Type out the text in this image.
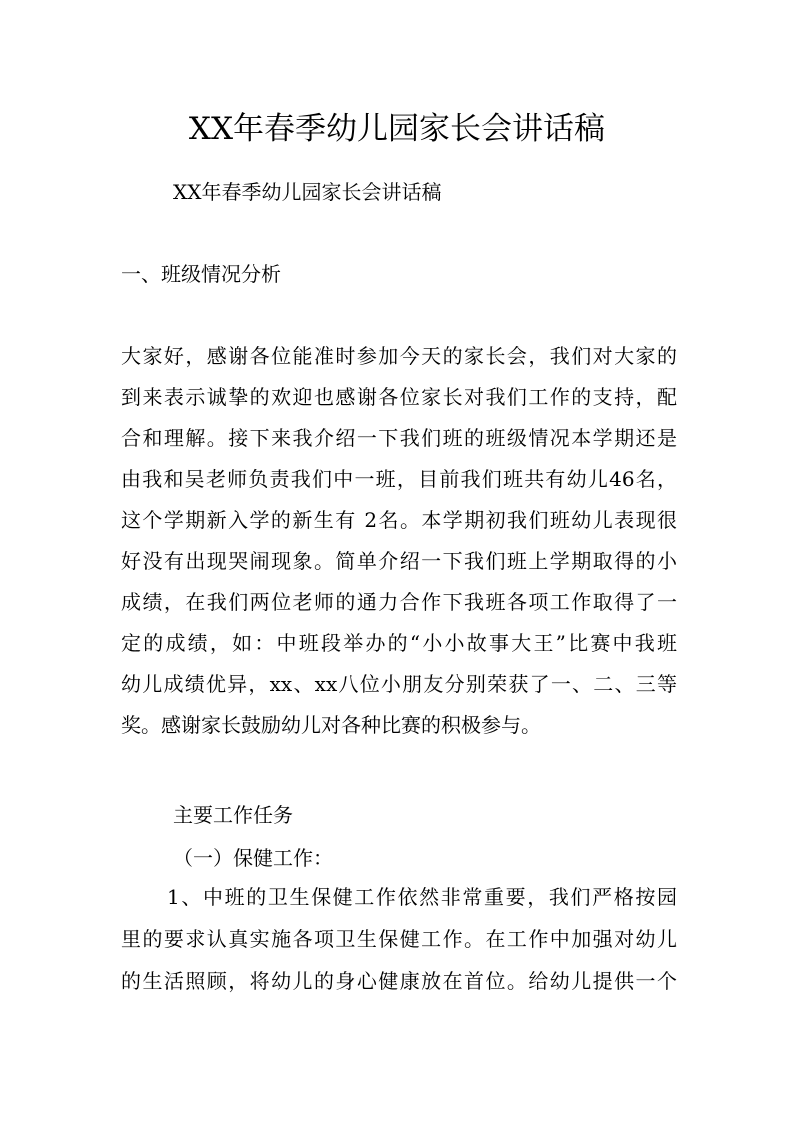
XX年春季幼儿园家长会讲话稿
XX年春季幼儿园家长会讲话稿
一、班级情况分析
大家好，感谢各位能准时参加今天的家长会，我们对大家的
到来表示诚挚的欢迎也感谢各位家长对我们工作的支持，配
合和理解。接下来我介绍一下我们班的班级情况本学期还是
由我和吴老师负责我们中一班，目前我们班共有幼儿46名，
这个学期新入学的新生有 2名。本学期初我们班幼儿表现很
好没有出现哭闹现象。简单介绍一下我们班上学期取得的小
成绩，在我们两位老师的通力合作下我班各项工作取得了一
定的成绩，如：中班段举办的“小小故事大王”比赛中我班
幼儿成绩优异，xx、xx八位小朋友分别荣获了一、二、三等
奖。感谢家长鼓励幼儿对各种比赛的积极参与。
主要工作任务
（一）保健工作：
1、中班的卫生保健工作依然非常重要，我们严格按园
里的要求认真实施各项卫生保健工作。在工作中加强对幼儿
的生活照顾，将幼儿的身心健康放在首位。给幼儿提供一个
